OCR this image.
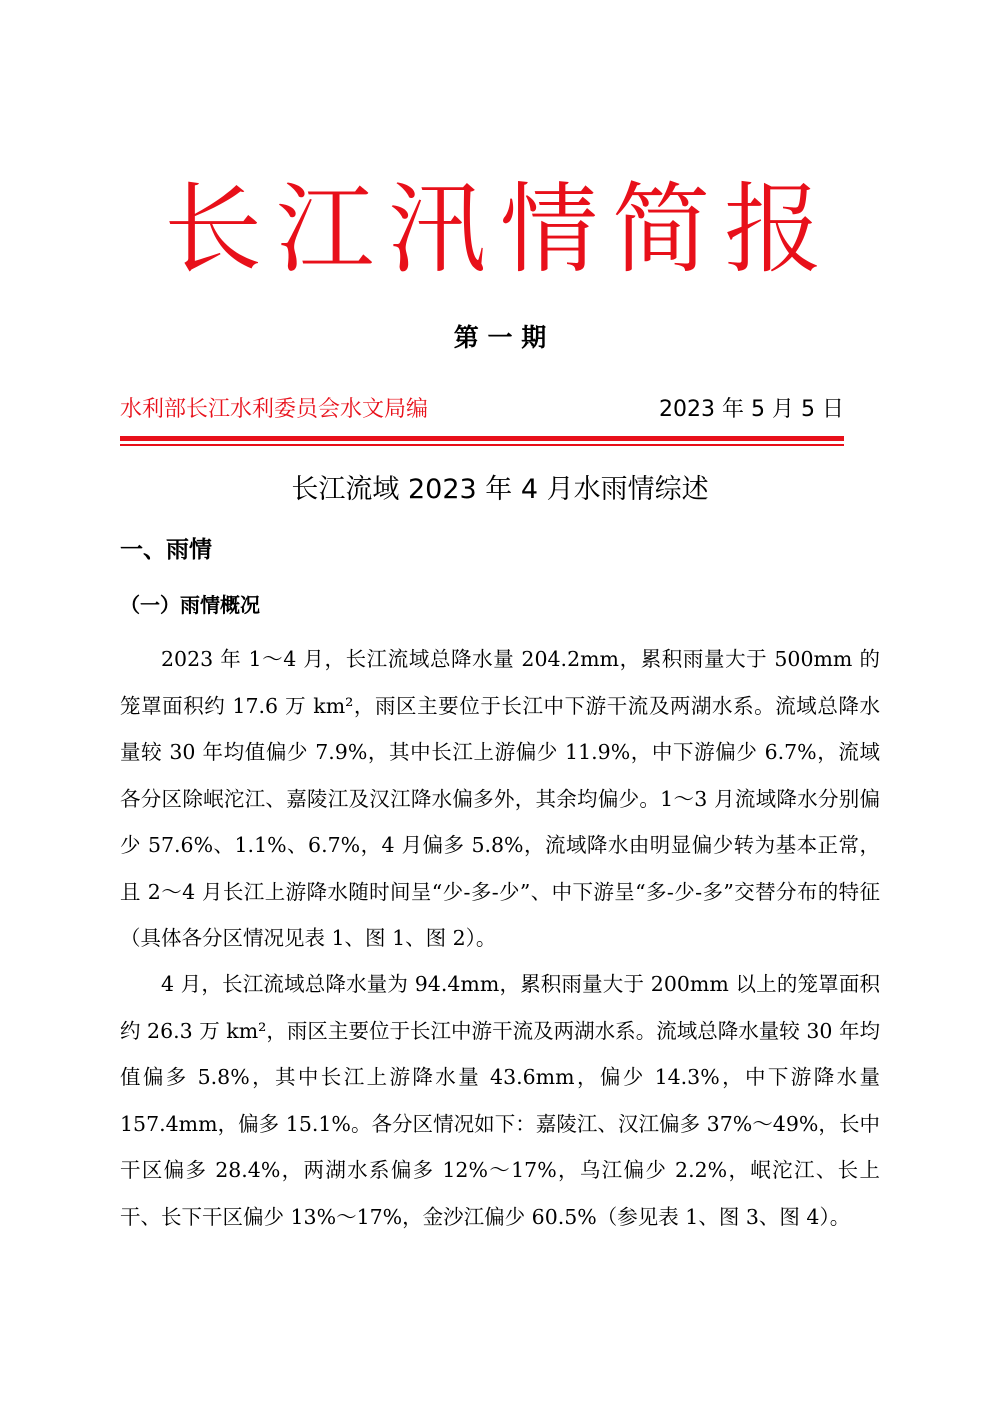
长江汛情简报
第 一 期
水利部长江水利委员会水文局编	2023 年 5 月 5 日
长江流域 2023 年 4 月水雨情综述
一、雨情
（一）雨情概况

2023 年 1～4 月，长江流域总降水量 204.2mm，累积雨量大于 500mm 的笼罩面积约 17.6 万 km²，雨区主要位于长江中下游干流及两湖水系。流域总降水量较 30 年均值偏少 7.9%，其中长江上游偏少 11.9%，中下游偏少 6.7%，流域各分区除岷沱江、嘉陵江及汉江降水偏多外，其余均偏少。1～3 月流域降水分别偏少 57.6%、1.1%、6.7%，4 月偏多 5.8%，流域降水由明显偏少转为基本正常，且 2～4 月长江上游降水随时间呈“少-多-少”、中下游呈“多-少-多”交替分布的特征（具体各分区情况见表 1、图 1、图 2）。

4 月，长江流域总降水量为 94.4mm，累积雨量大于 200mm 以上的笼罩面积约 26.3 万 km²，雨区主要位于长江中游干流及两湖水系。流域总降水量较 30 年均值偏多 5.8%，其中长江上游降水量 43.6mm，偏少 14.3%，中下游降水量 157.4mm，偏多 15.1%。各分区情况如下：嘉陵江、汉江偏多 37%～49%，长中干区偏多 28.4%，两湖水系偏多 12%～17%，乌江偏少 2.2%，岷沱江、长上干、长下干区偏少 13%～17%，金沙江偏少 60.5%（参见表 1、图 3、图 4）。
